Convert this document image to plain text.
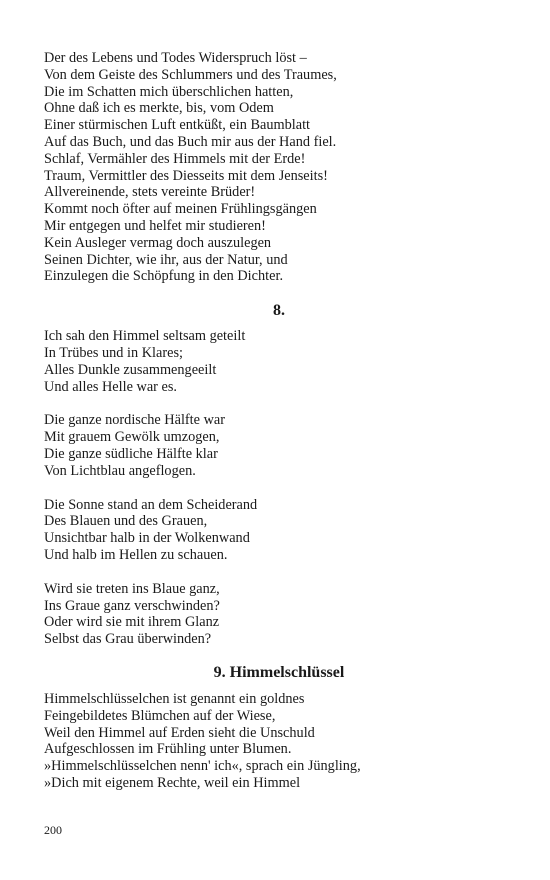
Der des Lebens und Todes Widerspruch löst –
Von dem Geiste des Schlummers und des Traumes,
Die im Schatten mich überschlichen hatten,
Ohne daß ich es merkte, bis, vom Odem
Einer stürmischen Luft entküßt, ein Baumblatt
Auf das Buch, und das Buch mir aus der Hand fiel.
Schlaf, Vermähler des Himmels mit der Erde!
Traum, Vermittler des Diesseits mit dem Jenseits!
Allvereinende, stets vereinte Brüder!
Kommt noch öfter auf meinen Frühlingsgängen
Mir entgegen und helfet mir studieren!
Kein Ausleger vermag doch auszulegen
Seinen Dichter, wie ihr, aus der Natur, und
Einzulegen die Schöpfung in den Dichter.
8.
Ich sah den Himmel seltsam geteilt
In Trübes und in Klares;
Alles Dunkle zusammengeeilt
Und alles Helle war es.
Die ganze nordische Hälfte war
Mit grauem Gewölk umzogen,
Die ganze südliche Hälfte klar
Von Lichtblau angeflogen.
Die Sonne stand an dem Scheiderand
Des Blauen und des Grauen,
Unsichtbar halb in der Wolkenwand
Und halb im Hellen zu schauen.
Wird sie treten ins Blaue ganz,
Ins Graue ganz verschwinden?
Oder wird sie mit ihrem Glanz
Selbst das Grau überwinden?
9. Himmelschlüssel
Himmelschlüsselchen ist genannt ein goldnes
Feingebildetes Blümchen auf der Wiese,
Weil den Himmel auf Erden sieht die Unschuld
Aufgeschlossen im Frühling unter Blumen.
»Himmelschlüsselchen nenn' ich«, sprach ein Jüngling,
»Dich mit eigenem Rechte, weil ein Himmel
200
